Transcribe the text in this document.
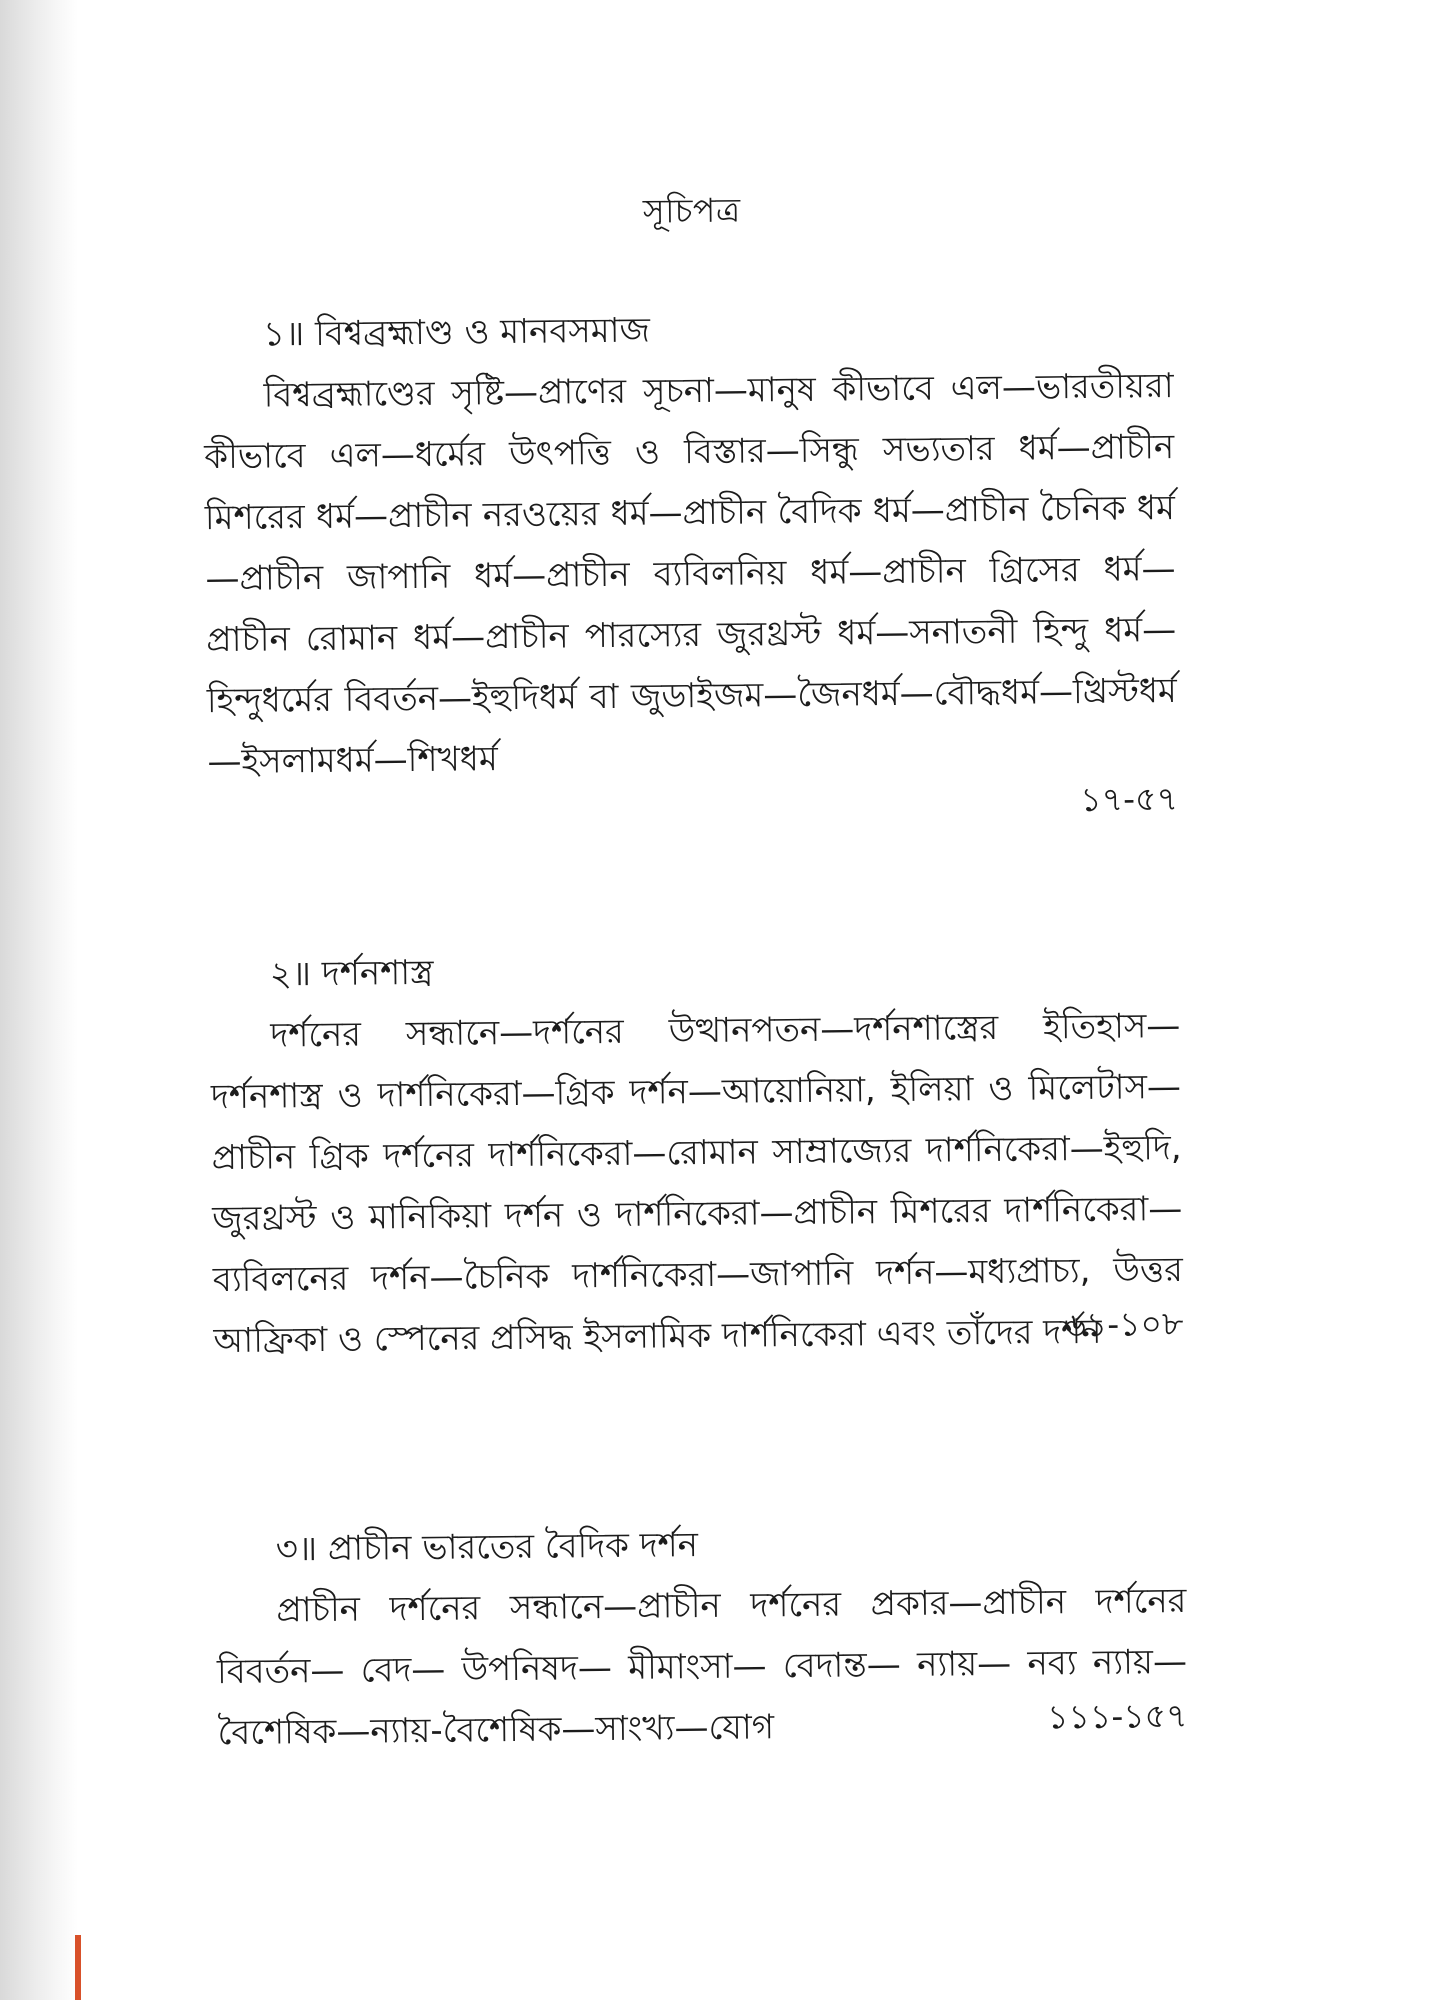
সূচিপত্র
১॥ বিশ্বব্রহ্মাণ্ড ও মানবসমাজ

বিশ্বব্রহ্মাণ্ডের সৃষ্টি—প্রাণের সূচনা—মানুষ কীভাবে এল—ভারতীয়রা কীভাবে এল—ধর্মের উৎপত্তি ও বিস্তার—সিন্ধু সভ্যতার ধর্ম—প্রাচীন মিশরের ধর্ম—প্রাচীন নরওয়ের ধর্ম—প্রাচীন বৈদিক ধর্ম—প্রাচীন চৈনিক ধর্ম—প্রাচীন জাপানি ধর্ম—প্রাচীন ব্যবিলনিয় ধর্ম—প্রাচীন গ্রিসের ধর্ম—প্রাচীন রোমান ধর্ম—প্রাচীন পারস্যের জুরথ্রস্ট ধর্ম—সনাতনী হিন্দু ধর্ম—হিন্দুধর্মের বিবর্তন—ইহুদিধর্ম বা জুডাইজম—জৈনধর্ম—বৌদ্ধধর্ম—খ্রিস্টধর্ম—ইসলামধর্ম—শিখধর্ম

১৭-৫৭
২॥ দর্শনশাস্ত্র

দর্শনের সন্ধানে—দর্শনের উত্থানপতন—দর্শনশাস্ত্রের ইতিহাস—দর্শনশাস্ত্র ও দার্শনিকেরা—গ্রিক দর্শন—আয়োনিয়া, ইলিয়া ও মিলেটাস—প্রাচীন গ্রিক দর্শনের দার্শনিকেরা—রোমান সাম্রাজ্যের দার্শনিকেরা—ইহুদি, জুরথ্রস্ট ও মানিকিয়া দর্শন ও দার্শনিকেরা—প্রাচীন মিশরের দার্শনিকেরা—ব্যবিলনের দর্শন—চৈনিক দার্শনিকেরা—জাপানি দর্শন—মধ্যপ্রাচ্য, উত্তর আফ্রিকা ও স্পেনের প্রসিদ্ধ ইসলামিক দার্শনিকেরা এবং তাঁদের দর্শন

৬১-১০৮
৩॥ প্রাচীন ভারতের বৈদিক দর্শন

প্রাচীন দর্শনের সন্ধানে—প্রাচীন দর্শনের প্রকার—প্রাচীন দর্শনের বিবর্তন— বেদ— উপনিষদ— মীমাংসা— বেদান্ত— ন্যায়— নব্য ন্যায়—বৈশেষিক—ন্যায়-বৈশেষিক—সাংখ্য—যোগ	১১১-১৫৭
